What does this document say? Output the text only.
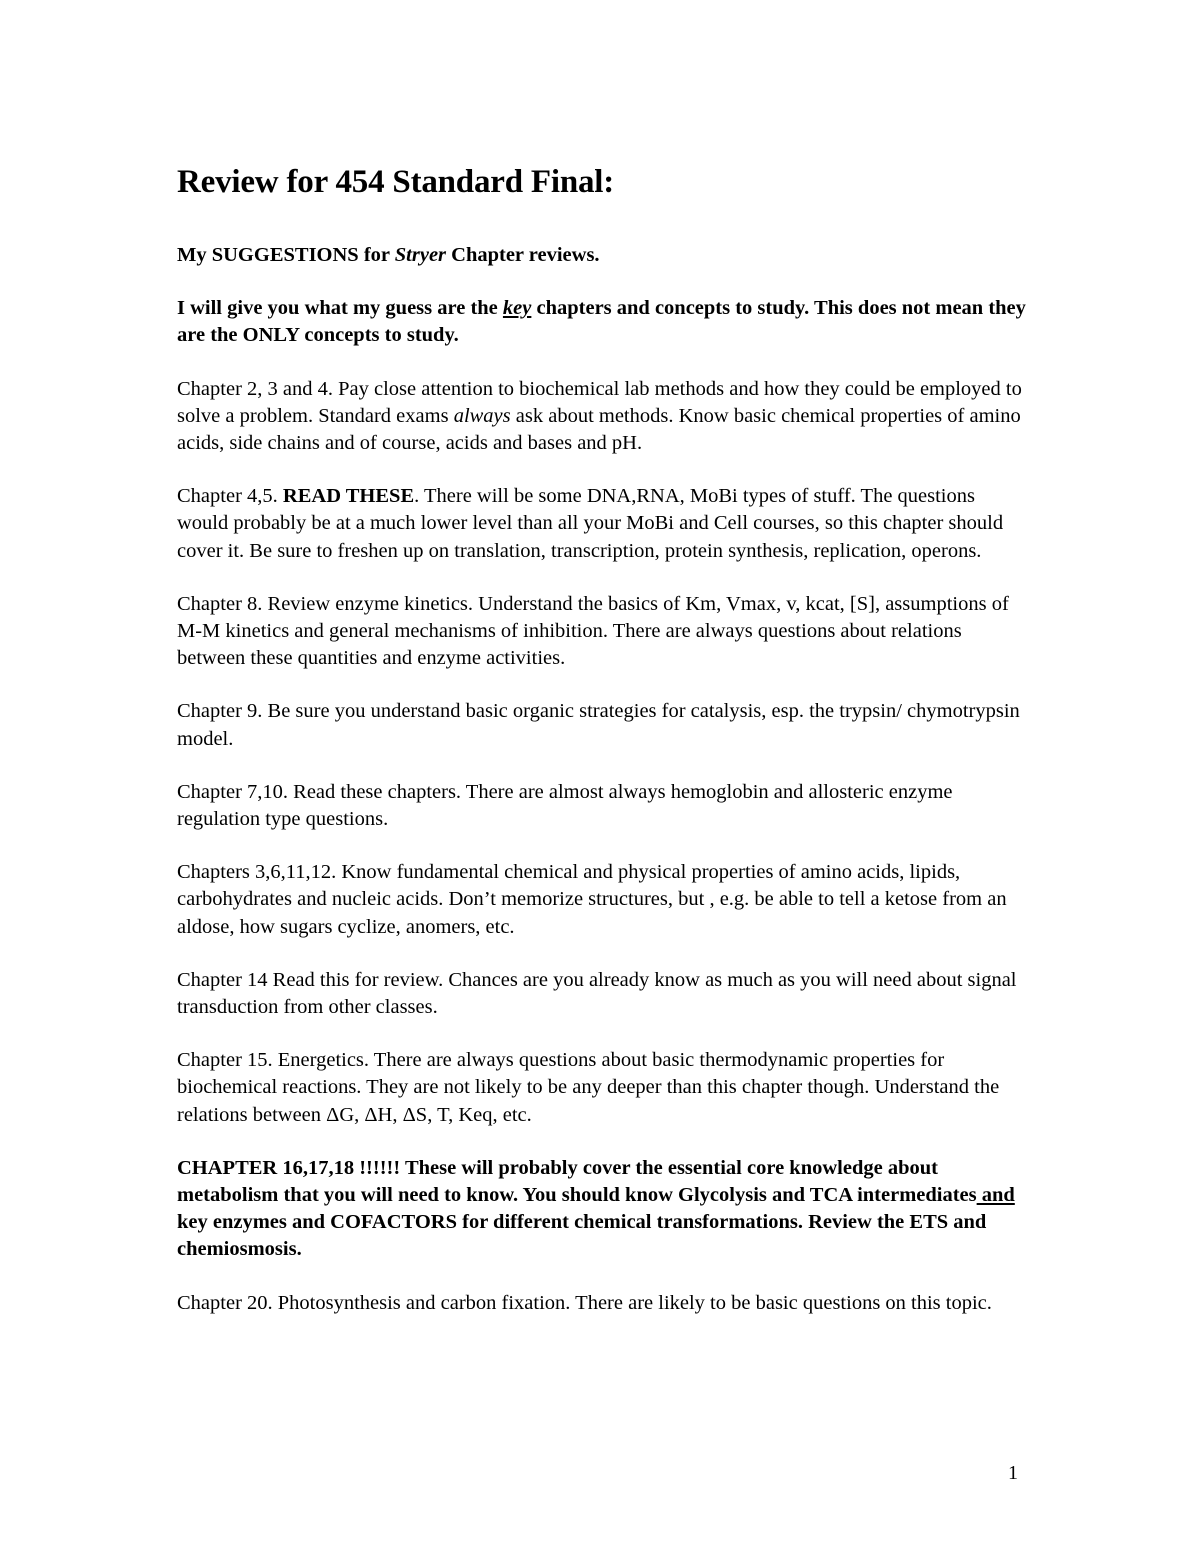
Review for 454 Standard Final:

My SUGGESTIONS for Stryer Chapter reviews.

I will give you what my guess are the key chapters and concepts to study. This does not mean they are the ONLY concepts to study.

Chapter 2, 3 and 4. Pay close attention to biochemical lab methods and how they could be employed to solve a problem. Standard exams always ask about methods. Know basic chemical properties of amino acids, side chains and of course, acids and bases and pH.

Chapter 4,5. READ THESE. There will be some DNA,RNA, MoBi types of stuff. The questions would probably be at a much lower level than all your MoBi and Cell courses, so this chapter should cover it. Be sure to freshen up on translation, transcription, protein synthesis, replication, operons.

Chapter 8. Review enzyme kinetics. Understand the basics of Km, Vmax, v, kcat, [S], assumptions of M-M kinetics and general mechanisms of inhibition. There are always questions about relations between these quantities and enzyme activities.

Chapter 9. Be sure you understand basic organic strategies for catalysis, esp. the trypsin/ chymotrypsin model.

Chapter 7,10. Read these chapters. There are almost always hemoglobin and allosteric enzyme regulation type questions.

Chapters 3,6,11,12. Know fundamental chemical and physical properties of amino acids, lipids, carbohydrates and nucleic acids. Don’t memorize structures, but , e.g. be able to tell a ketose from an aldose, how sugars cyclize, anomers, etc.

Chapter 14 Read this for review. Chances are you already know as much as you will need about signal transduction from other classes.

Chapter 15. Energetics. There are always questions about basic thermodynamic properties for biochemical reactions. They are not likely to be any deeper than this chapter though. Understand the relations between ΔG, ΔH, ΔS, T, Keq, etc.

CHAPTER 16,17,18 !!!!!! These will probably cover the essential core knowledge about metabolism that you will need to know. You should know Glycolysis and TCA intermediates and key enzymes and COFACTORS for different chemical transformations. Review the ETS and chemiosmosis.

Chapter 20. Photosynthesis and carbon fixation. There are likely to be basic questions on this topic.

1
